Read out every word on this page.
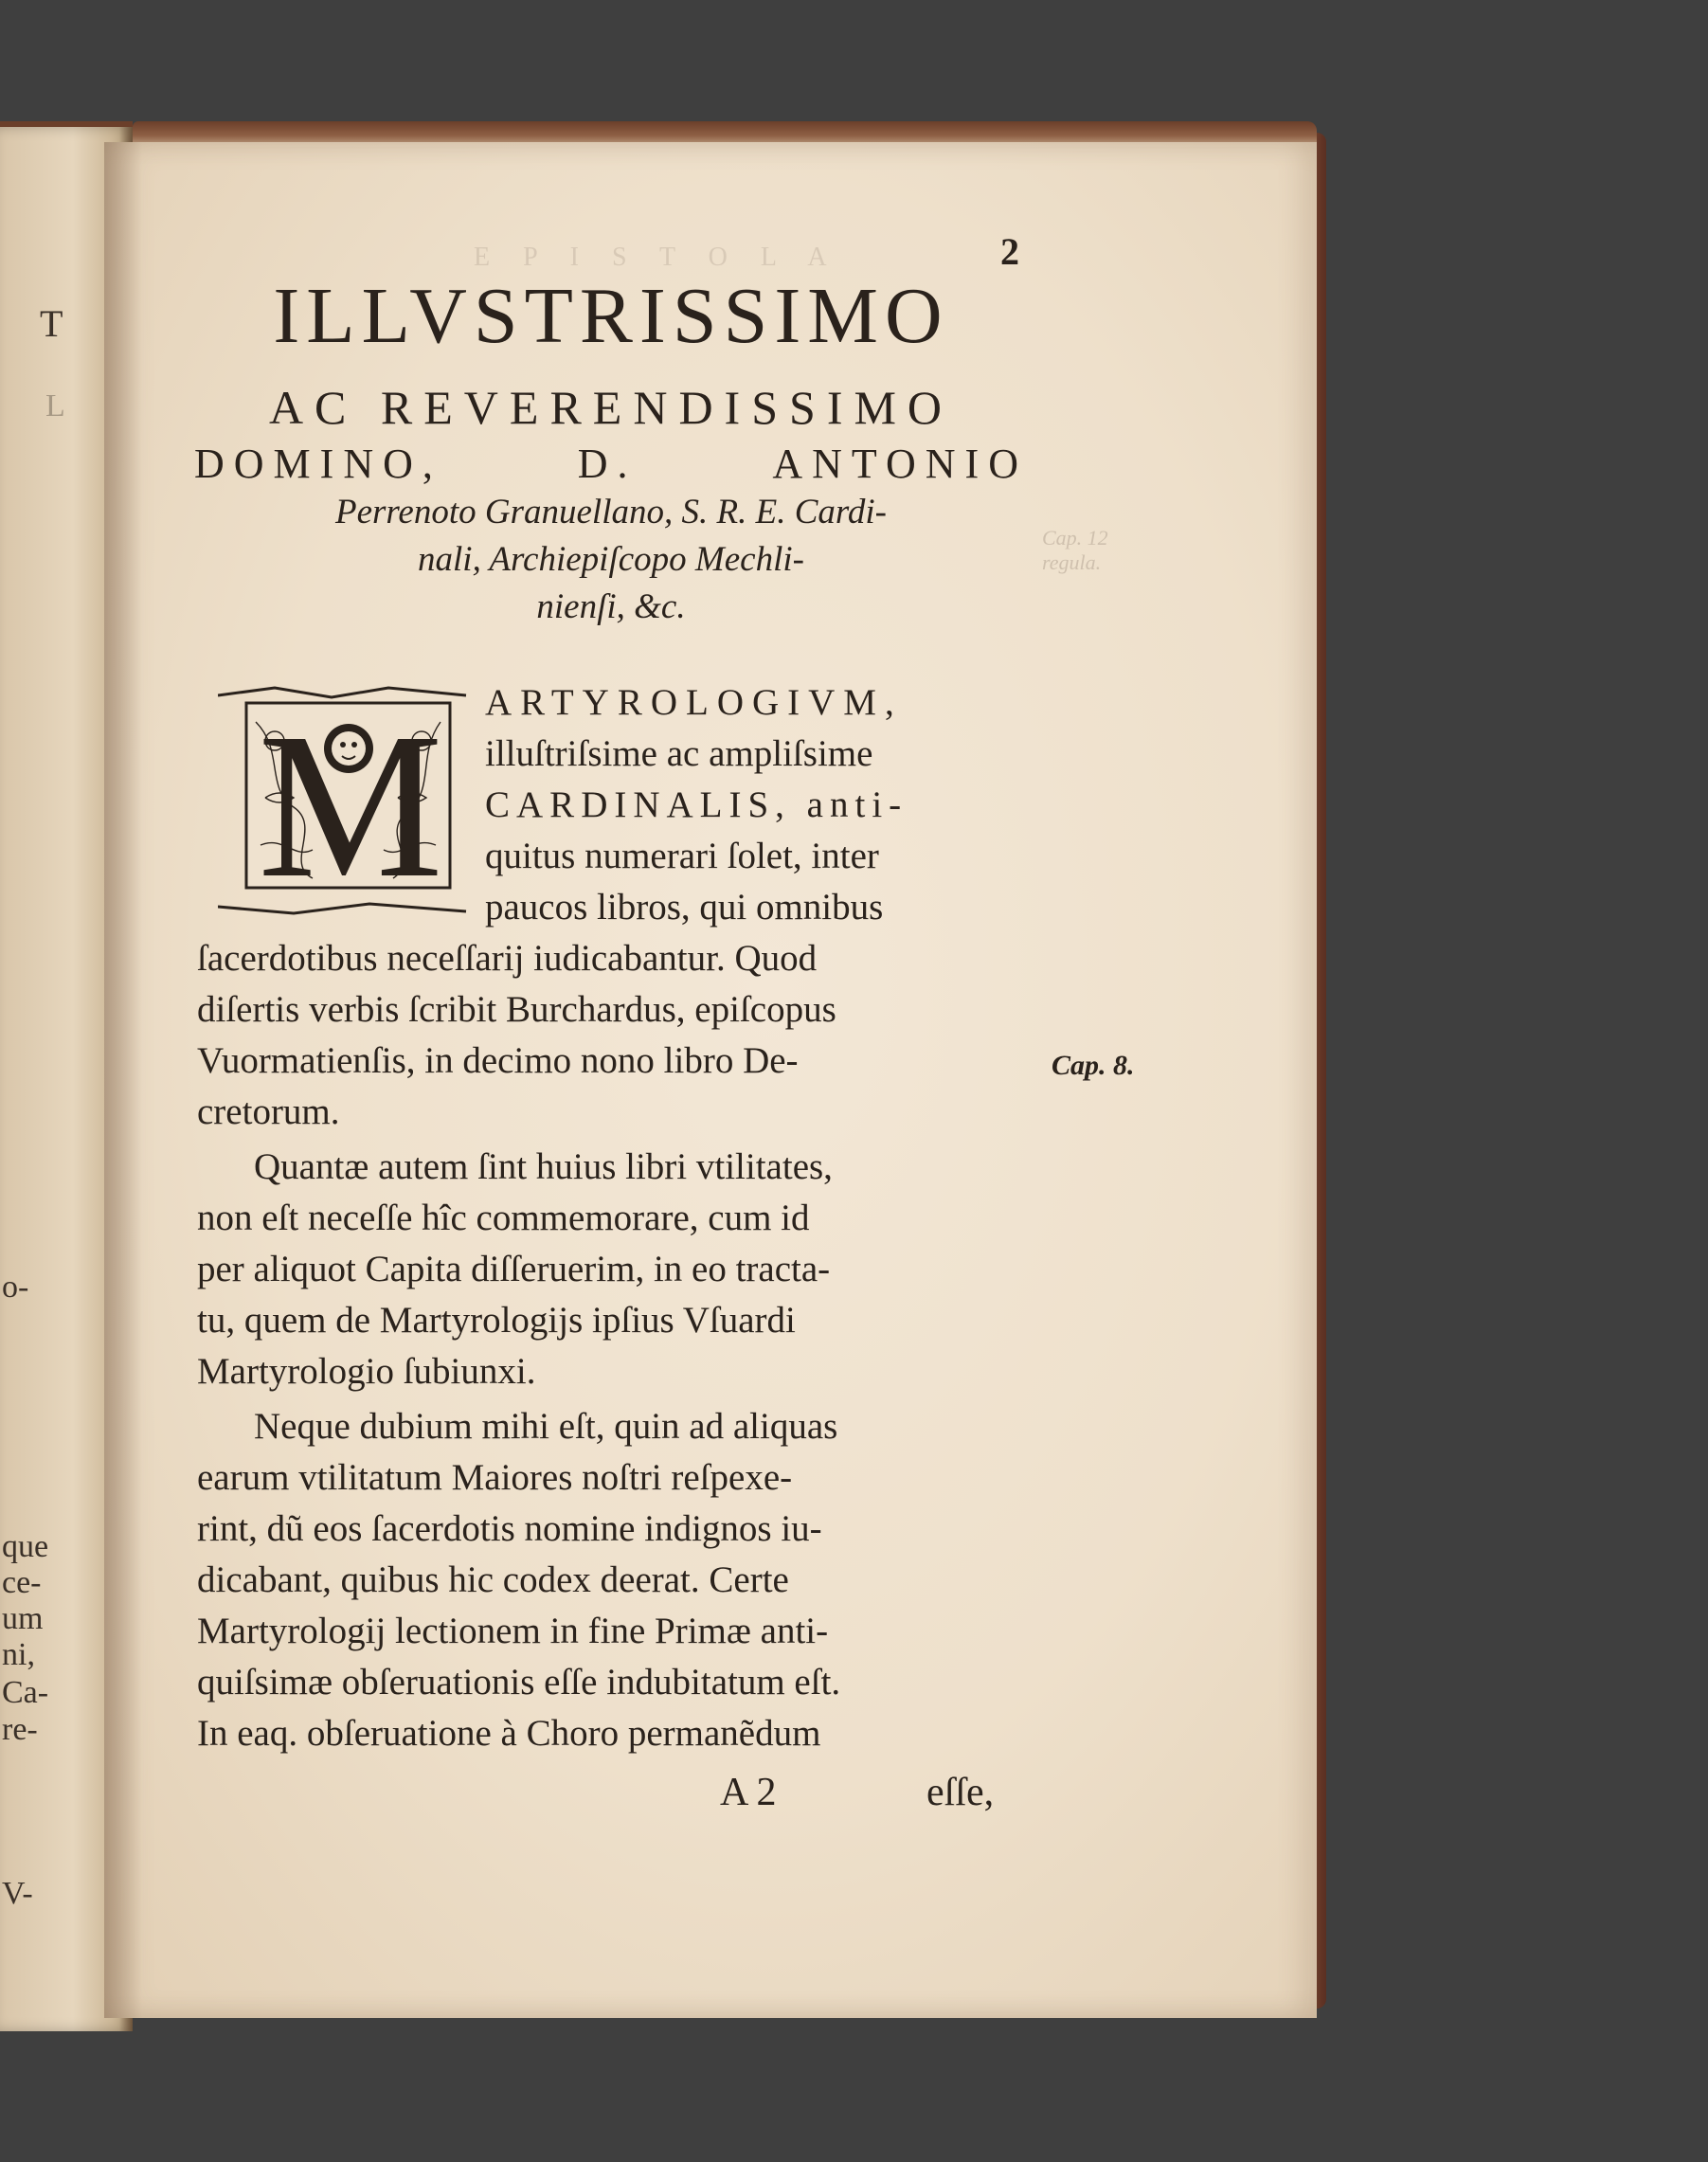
T
L
o-
que
ce-
um
ni,
Ca-
re-
V-
E P I S T O L A
Cap. 12
regula.
2
ILLVSTRISSIMO
AC REVERENDISSIMO
DOMINO,	D.	ANTONIO
Perrenoto Granuellano, S. R. E. Cardi-
nali, Archiepiſcopo Mechli-
nienſi, &c.
M ARTYROLOGIVM,
illuſtriſsime ac ampliſsime
CARDINALIS, anti-
quitus numerari ſolet, inter
paucos libros, qui omnibus
ſacerdotibus neceſſarij iudicabantur. Quod
diſertis verbis ſcribit Burchardus, epiſcopus
Vuormatienſis, in decimo nono libro De-
cretorum.
Cap. 8.
Quantæ autem ſint huius libri vtilitates,
non eſt neceſſe hîc commemorare, cum id
per aliquot Capita diſſeruerim, in eo tracta-
tu, quem de Martyrologijs ipſius Vſuardi
Martyrologio ſubiunxi.
Neque dubium mihi eſt, quin ad aliquas
earum vtilitatum Maiores noſtri reſpexe-
rint, dũ eos ſacerdotis nomine indignos iu-
dicabant, quibus hic codex deerat. Certe
Martyrologij lectionem in fine Primæ anti-
quiſsimæ obſeruationis eſſe indubitatum eſt.
In eaq. obſeruatione à Choro permanẽdum
A 2	eſſe,
